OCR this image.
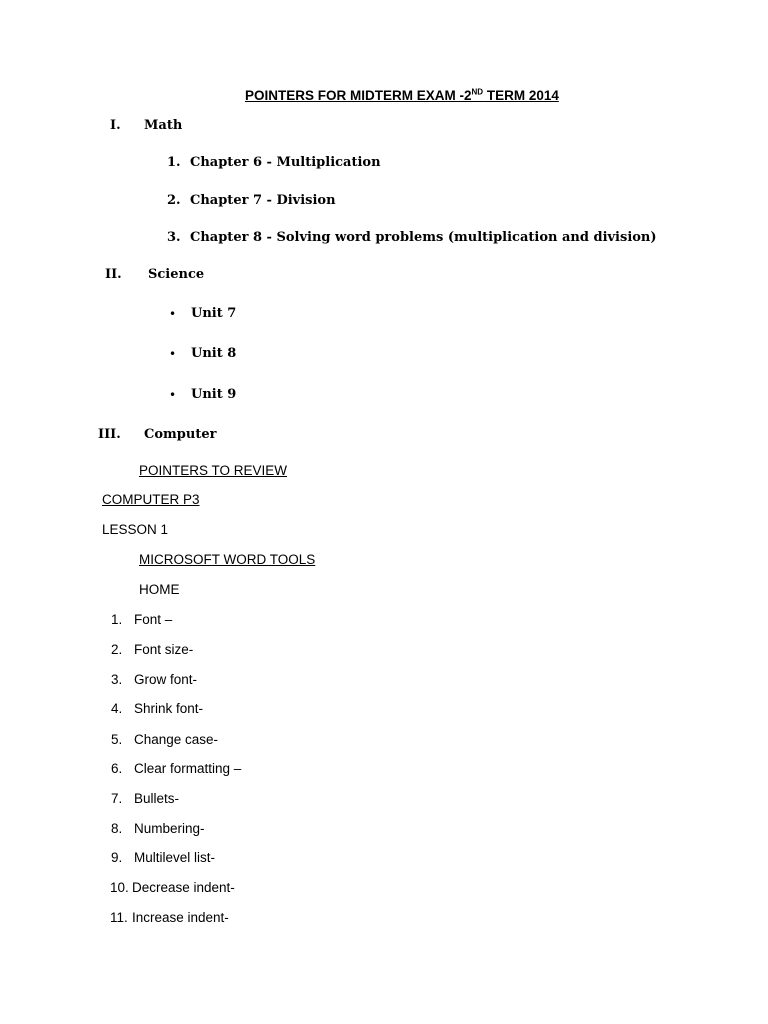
POINTERS FOR MIDTERM EXAM -2ND TERM 2014
I. Math
1. Chapter 6 - Multiplication
2. Chapter 7 - Division
3. Chapter 8 - Solving word problems (multiplication and division)
II. Science
• Unit 7
• Unit 8
• Unit 9
III. Computer
POINTERS TO REVIEW
COMPUTER P3
LESSON 1
MICROSOFT WORD TOOLS
HOME
1. Font –
2. Font size-
3. Grow font-
4. Shrink font-
5. Change case-
6. Clear formatting –
7. Bullets-
8. Numbering-
9. Multilevel list-
10. Decrease indent-
11. Increase indent-
